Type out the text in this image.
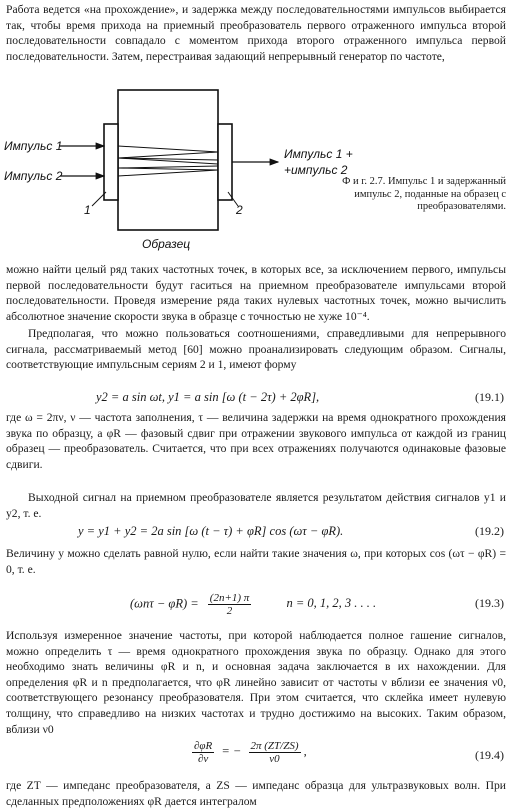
Работа ведется «на прохождение», и задержка между последовательностями импульсов выбирается так, чтобы время прихода на приемный преобразователь первого отраженного импульса второй последовательности совпадало с моментом прихода второго отраженного импульса первой последовательности. Затем, перестраивая задающий непрерывный генератор по частоте,

Импульс 1
Импульс 2
Импульс 1 +
+импульс 2
1	2
Образец

Ф и г. 2.7. Импульс 1 и задержанный импульс 2, поданные на образец с преобразователями.

можно найти целый ряд таких частотных точек, в которых все, за исключением первого, импульсы первой последовательности будут гаситься на приемном преобразователе импульсами второй последовательности. Проведя измерение ряда таких нулевых частотных точек, можно вычислить абсолютное значение скорости звука в образце с точностью не хуже 10⁻⁴.

Предполагая, что можно пользоваться соотношениями, справедливыми для непрерывного сигнала, рассматриваемый метод [60] можно проанализировать следующим образом. Сигналы, соответствующие импульсным сериям 2 и 1, имеют форму

y2 = a sin ωt, y1 = a sin [ω (t − 2τ) + 2φR],	(19.1)

где ω = 2πν, ν — частота заполнения, τ — величина задержки на время однократного прохождения звука по образцу, а φR — фазовый сдвиг при отражении звукового импульса от каждой из границ образец — преобразователь. Считается, что при всех отражениях получаются одинаковые фазовые сдвиги.

Выходной сигнал на приемном преобразователе является результатом действия сигналов y1 и y2, т. е.

y = y1 + y2 = 2a sin [ω (t − τ) + φR] cos (ωτ − φR).	(19.2)

Величину y можно сделать равной нулю, если найти такие значения ω, при которых cos (ωτ − φR) = 0, т. е.

$(\omega n\tau - \varphi R) = \frac{(2n+1) \pi}{2}$	n = 0, 1, 2, 3 . . . .	(19.3)

Используя измеренное значение частоты, при которой наблюдается полное гашение сигналов, можно определить τ — время однократного прохождения звука по образцу. Однако для этого необходимо знать величины φR и n, и основная задача заключается в их нахождении. Для определения φR и n предполагается, что φR линейно зависит от частоты ν вблизи ее значения ν0, соответствующего резонансу преобразователя. При этом считается, что склейка имеет нулевую толщину, что справедливо на низких частотах и трудно достижимо на высоких. Таким образом, вблизи ν0

$\frac{\partial\varphi R}{\partial\nu}$ = − $\frac{2\pi (ZT/ZS)}{\nu 0}$ ,	(19.4)

где ZT — импеданс преобразователя, а ZS — импеданс образца для ультразвуковых волн. При сделанных предположениях φR дается интегралом
